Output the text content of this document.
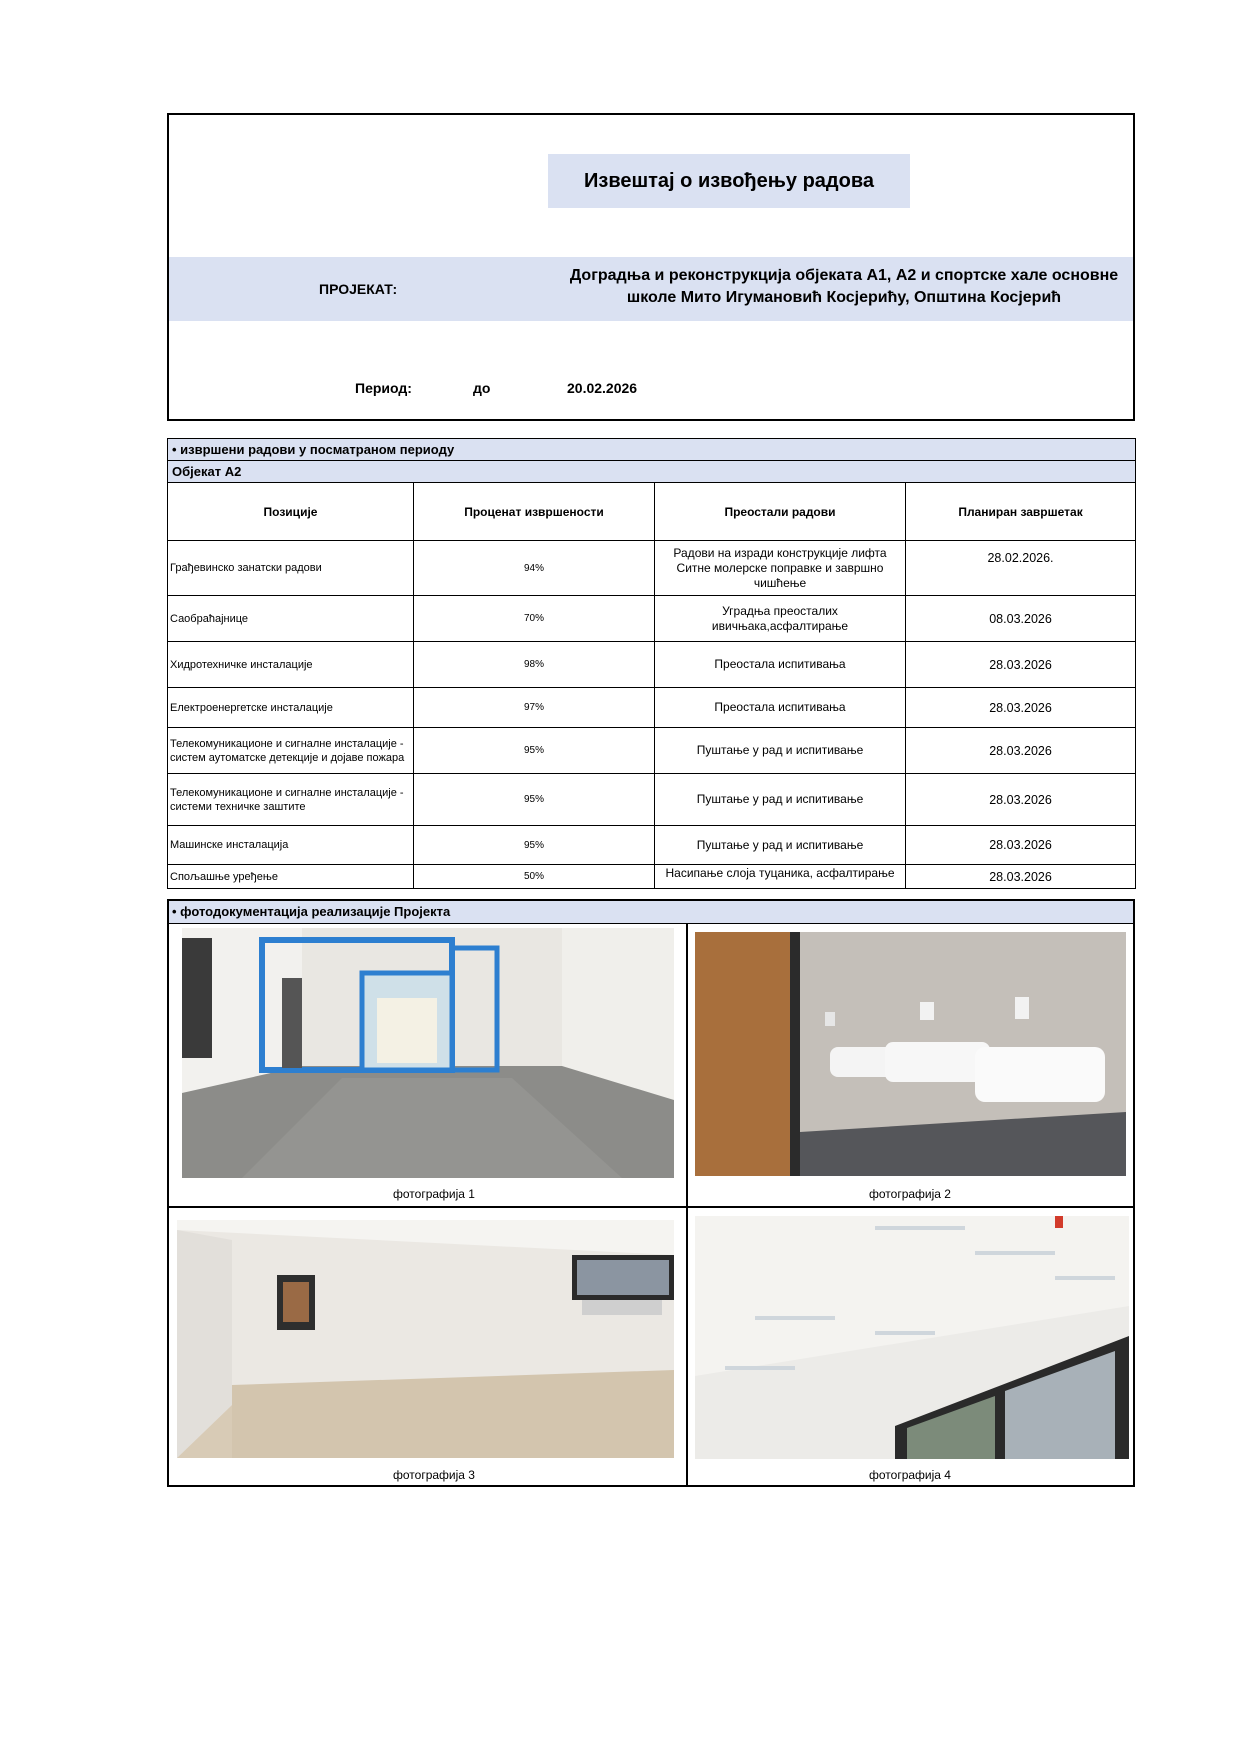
Извештај о извођењу радова
ПРОЈЕКАТ:
Доградња и реконструкција објеката А1, А2 и спортске хале основне
школе Мито Игумановић Косјерићу, Општина Косјерић
Период:	до	20.02.2026
• извршени радови у посматраном периоду			
Објекат А2			
Позиције	Проценат извршености	Преостали радови	Планиран завршетак
Грађевинско занатски радови	94%	Радови на изради конструкције лифта Ситне молерске поправке и завршно чишћење	28.02.2026.
Саобраћајнице	70%	Уградња преосталих ивичњака,асфалтирање	08.03.2026
Хидротехничке инсталације	98%	Преостала испитивања	28.03.2026
Електроенергетске инсталације	97%	Преостала испитивања	28.03.2026
Телекомуникационе и сигналне инсталације - систем аутоматске детекције и дојаве пожара	95%	Пуштање у рад и испитивање	28.03.2026
Телекомуникационе и сигналне инсталације - системи техничке заштите	95%	Пуштање у рад и испитивање	28.03.2026
Машинске инсталација	95%	Пуштање у рад и испитивање	28.03.2026
Спољашње уређење	50%	Насипање слоја туцаника, асфалтирање	28.03.2026
• фотодокументација реализације Пројекта
фотографија 1	фотографија 2
фотографија 3	фотографија 4
